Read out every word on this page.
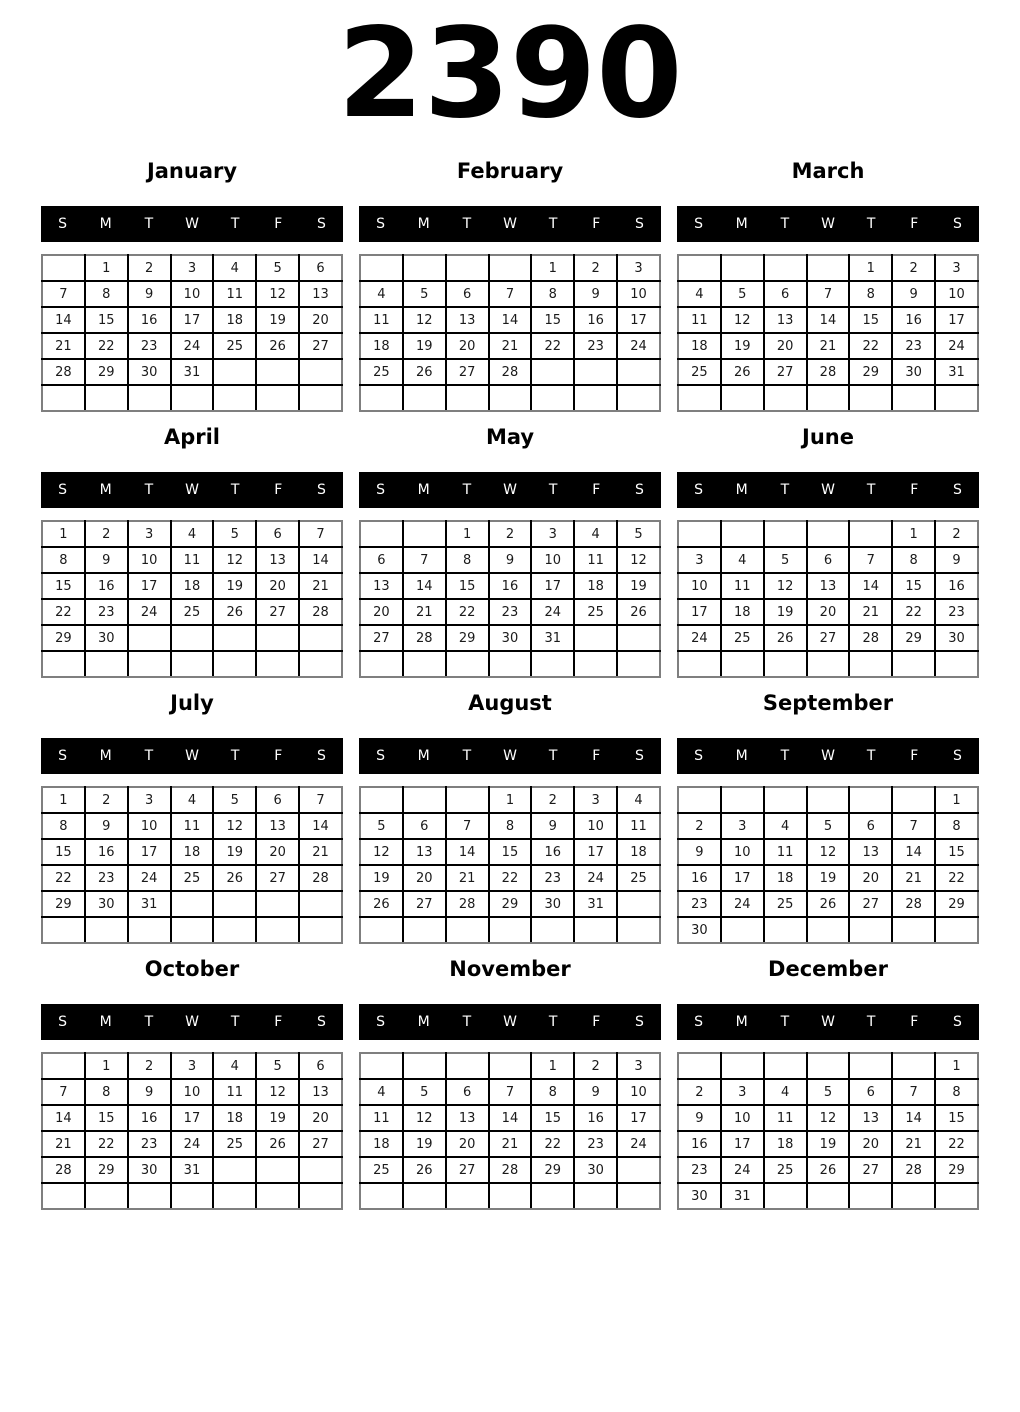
2390
January
S	M	T	W	T	F	S
	1	2	3	4	5	6
7	8	9	10	11	12	13
14	15	16	17	18	19	20
21	22	23	24	25	26	27
28	29	30	31			

February
S	M	T	W	T	F	S
				1	2	3
4	5	6	7	8	9	10
11	12	13	14	15	16	17
18	19	20	21	22	23	24
25	26	27	28			

March
S	M	T	W	T	F	S
				1	2	3
4	5	6	7	8	9	10
11	12	13	14	15	16	17
18	19	20	21	22	23	24
25	26	27	28	29	30	31

April
S	M	T	W	T	F	S
1	2	3	4	5	6	7
8	9	10	11	12	13	14
15	16	17	18	19	20	21
22	23	24	25	26	27	28
29	30					

May
S	M	T	W	T	F	S
		1	2	3	4	5
6	7	8	9	10	11	12
13	14	15	16	17	18	19
20	21	22	23	24	25	26
27	28	29	30	31		

June
S	M	T	W	T	F	S
					1	2
3	4	5	6	7	8	9
10	11	12	13	14	15	16
17	18	19	20	21	22	23
24	25	26	27	28	29	30

July
S	M	T	W	T	F	S
1	2	3	4	5	6	7
8	9	10	11	12	13	14
15	16	17	18	19	20	21
22	23	24	25	26	27	28
29	30	31				

August
S	M	T	W	T	F	S
			1	2	3	4
5	6	7	8	9	10	11
12	13	14	15	16	17	18
19	20	21	22	23	24	25
26	27	28	29	30	31	

September
S	M	T	W	T	F	S
						1
2	3	4	5	6	7	8
9	10	11	12	13	14	15
16	17	18	19	20	21	22
23	24	25	26	27	28	29
30						
October
S	M	T	W	T	F	S
	1	2	3	4	5	6
7	8	9	10	11	12	13
14	15	16	17	18	19	20
21	22	23	24	25	26	27
28	29	30	31			

November
S	M	T	W	T	F	S
				1	2	3
4	5	6	7	8	9	10
11	12	13	14	15	16	17
18	19	20	21	22	23	24
25	26	27	28	29	30	

December
S	M	T	W	T	F	S
						1
2	3	4	5	6	7	8
9	10	11	12	13	14	15
16	17	18	19	20	21	22
23	24	25	26	27	28	29
30	31					
